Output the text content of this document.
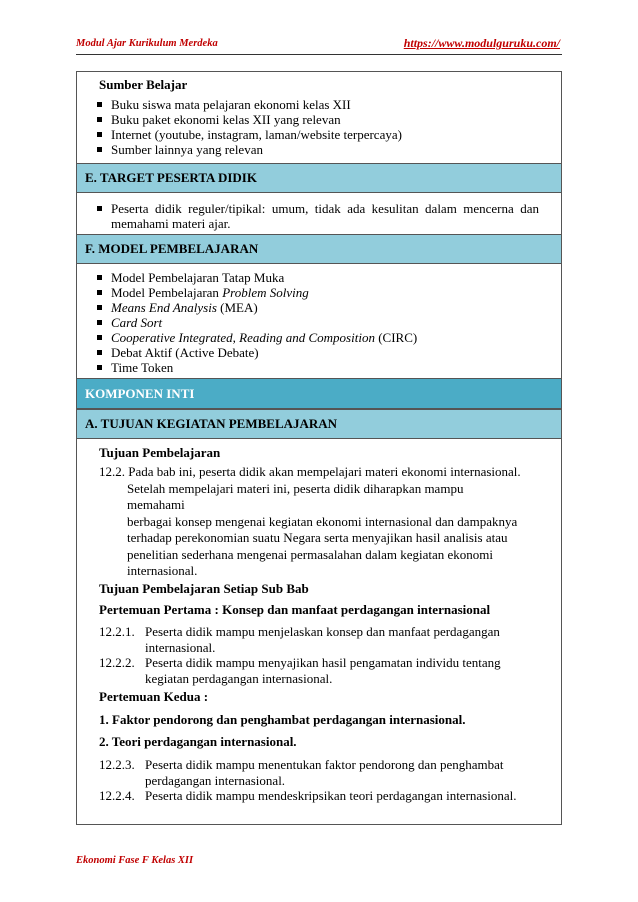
Modul Ajar Kurikulum Merdeka	https://www.modulguruku.com/
Sumber Belajar
Buku siswa mata pelajaran ekonomi kelas XII
Buku paket ekonomi kelas XII yang relevan
Internet (youtube, instagram, laman/website terpercaya)
Sumber lainnya yang relevan
E. TARGET PESERTA DIDIK
Peserta didik reguler/tipikal: umum, tidak ada kesulitan dalam mencerna dan memahami materi ajar.
F. MODEL PEMBELAJARAN
Model Pembelajaran Tatap Muka
Model Pembelajaran Problem Solving
Means End Analysis (MEA)
Card Sort
Cooperative Integrated, Reading and Composition (CIRC)
Debat Aktif (Active Debate)
Time Token
KOMPONEN INTI
A. TUJUAN KEGIATAN PEMBELAJARAN
Tujuan Pembelajaran
12.2. Pada bab ini, peserta didik akan mempelajari materi ekonomi internasional.
Setelah mempelajari materi ini, peserta didik diharapkan mampu memahami
berbagai konsep mengenai kegiatan ekonomi internasional dan dampaknya
terhadap perekonomian suatu Negara serta menyajikan hasil analisis atau
penelitian sederhana mengenai permasalahan dalam kegiatan ekonomi
internasional.
Tujuan Pembelajaran Setiap Sub Bab
Pertemuan Pertama : Konsep dan manfaat perdagangan internasional
12.2.1. Peserta didik mampu menjelaskan konsep dan manfaat perdagangan internasional.
12.2.2. Peserta didik mampu menyajikan hasil pengamatan individu tentang kegiatan perdagangan internasional.
Pertemuan Kedua :
1. Faktor pendorong dan penghambat perdagangan internasional.
2. Teori perdagangan internasional.
12.2.3. Peserta didik mampu menentukan faktor pendorong dan penghambat perdagangan internasional.
12.2.4. Peserta didik mampu mendeskripsikan teori perdagangan internasional.
Ekonomi Fase F Kelas XII
